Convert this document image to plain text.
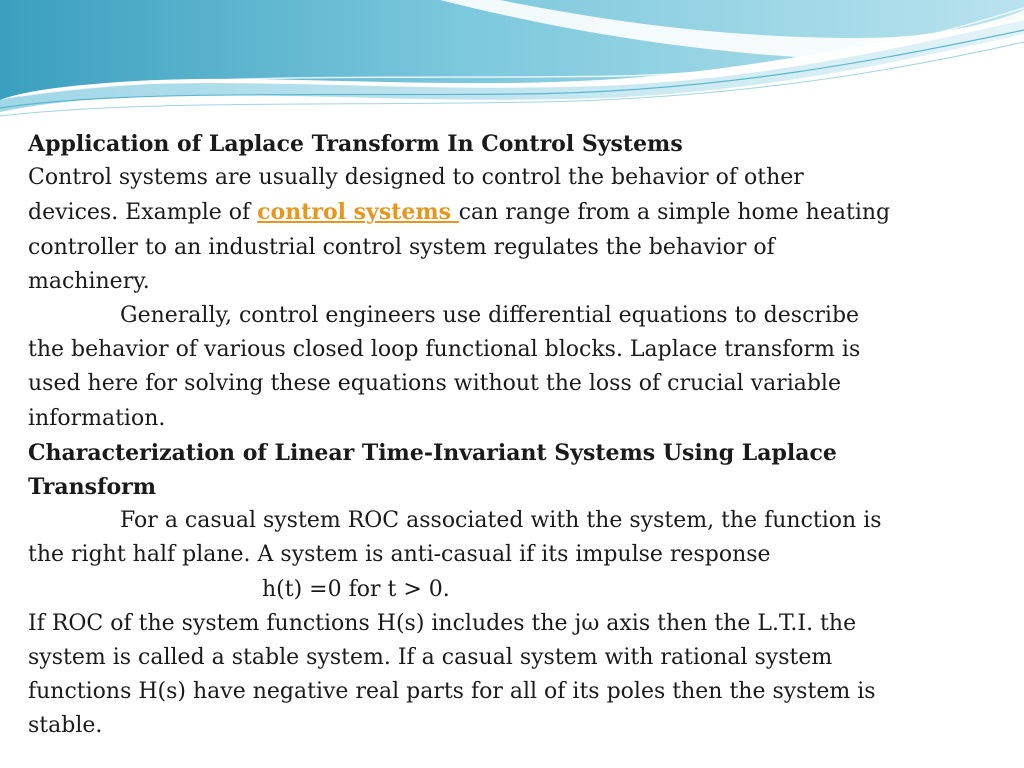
Application of Laplace Transform In Control Systems
Control systems are usually designed to control the behavior of other
devices. Example of control systems can range from a simple home heating
controller to an industrial control system regulates the behavior of
machinery.
Generally, control engineers use differential equations to describe
the behavior of various closed loop functional blocks. Laplace transform is
used here for solving these equations without the loss of crucial variable
information.
Characterization of Linear Time-Invariant Systems Using Laplace
Transform
For a casual system ROC associated with the system, the function is
the right half plane. A system is anti-casual if its impulse response
h(t) =0 for t > 0.
If ROC of the system functions H(s) includes the jω axis then the L.T.I. the
system is called a stable system. If a casual system with rational system
functions H(s) have negative real parts for all of its poles then the system is
stable.
